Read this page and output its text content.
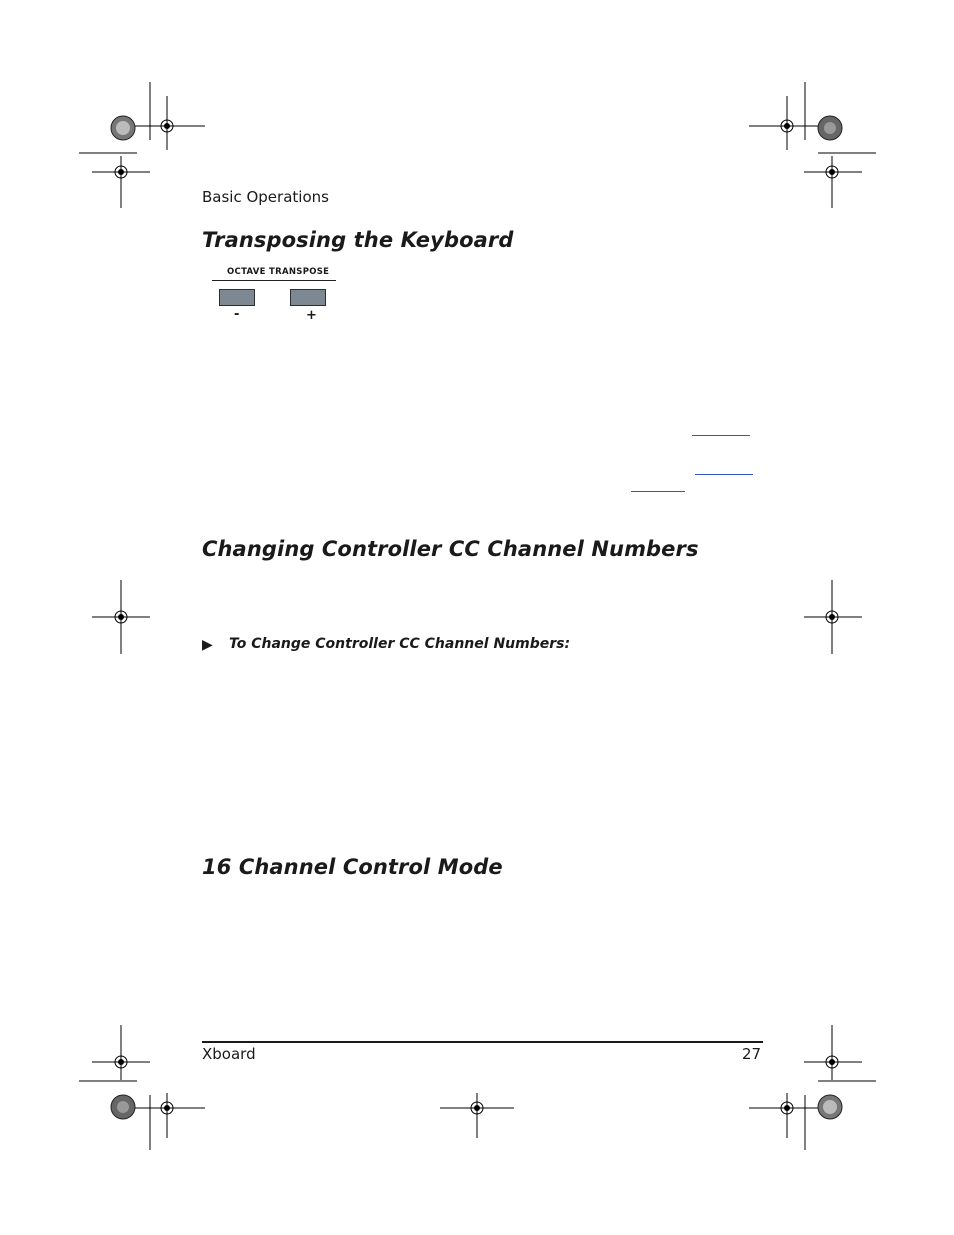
Basic Operations
Transposing the Keyboard
OCTAVE TRANSPOSE
-	+
Changing Controller CC Channel Numbers
▶ To Change Controller CC Channel Numbers:
16 Channel Control Mode
Xboard	27
